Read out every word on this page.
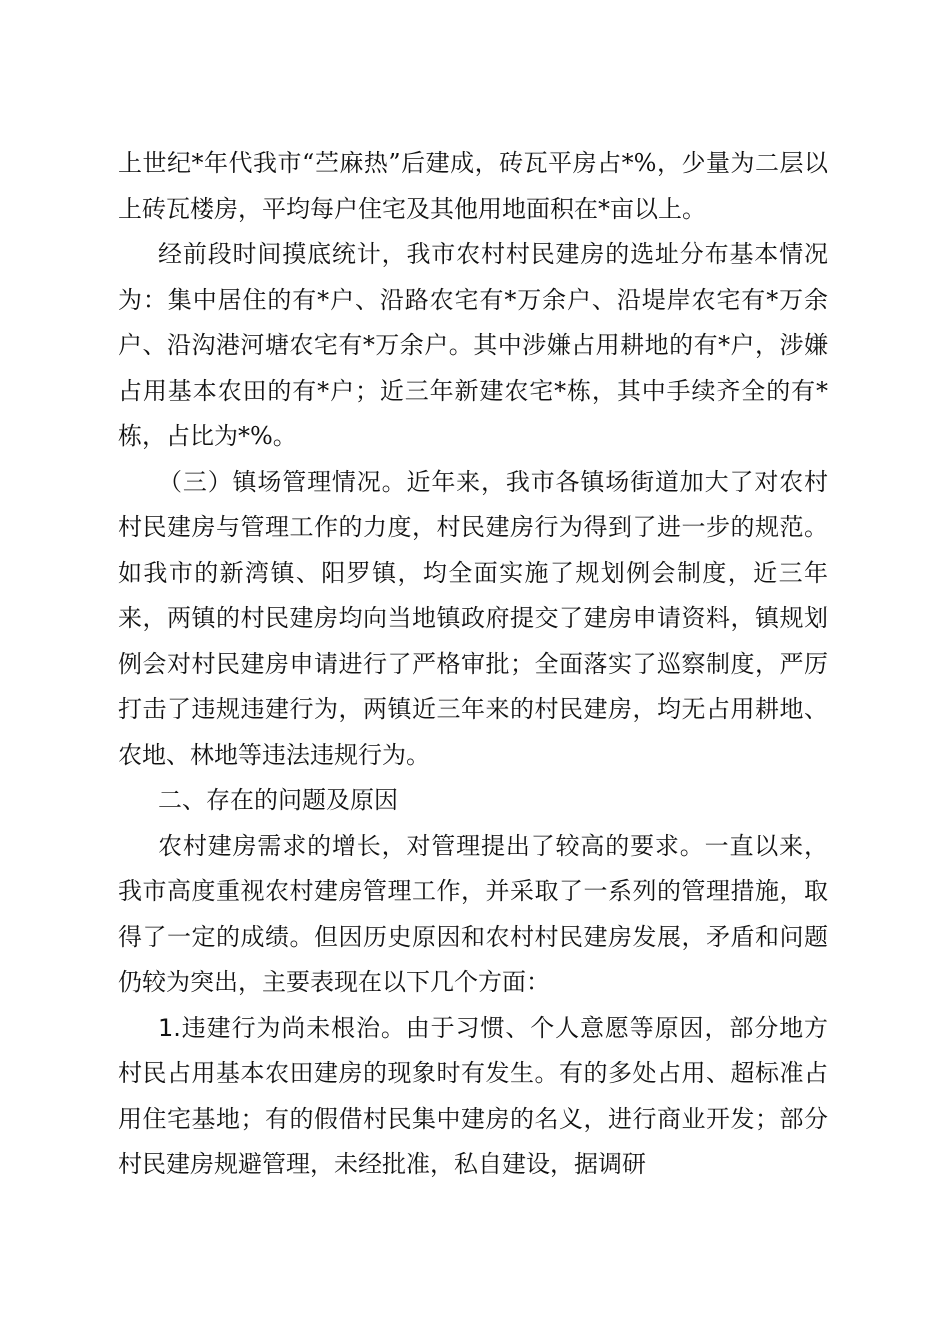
上世纪*年代我市“苎麻热”后建成，砖瓦平房占*%，少量为二层以上砖瓦楼房，平均每户住宅及其他用地面积在*亩以上。

经前段时间摸底统计，我市农村村民建房的选址分布基本情况为：集中居住的有*户、沿路农宅有*万余户、沿堤岸农宅有*万余户、沿沟港河塘农宅有*万余户。其中涉嫌占用耕地的有*户，涉嫌占用基本农田的有*户；近三年新建农宅*栋，其中手续齐全的有*栋，占比为*%。

（三）镇场管理情况。近年来，我市各镇场街道加大了对农村村民建房与管理工作的力度，村民建房行为得到了进一步的规范。如我市的新湾镇、阳罗镇，均全面实施了规划例会制度，近三年来，两镇的村民建房均向当地镇政府提交了建房申请资料，镇规划例会对村民建房申请进行了严格审批；全面落实了巡察制度，严厉打击了违规违建行为，两镇近三年来的村民建房，均无占用耕地、农地、林地等违法违规行为。

二、存在的问题及原因

农村建房需求的增长，对管理提出了较高的要求。一直以来，我市高度重视农村建房管理工作，并采取了一系列的管理措施，取得了一定的成绩。但因历史原因和农村村民建房发展，矛盾和问题仍较为突出，主要表现在以下几个方面：

1.违建行为尚未根治。由于习惯、个人意愿等原因，部分地方村民占用基本农田建房的现象时有发生。有的多处占用、超标准占用住宅基地；有的假借村民集中建房的名义，进行商业开发；部分村民建房规避管理，未经批准，私自建设，据调研
